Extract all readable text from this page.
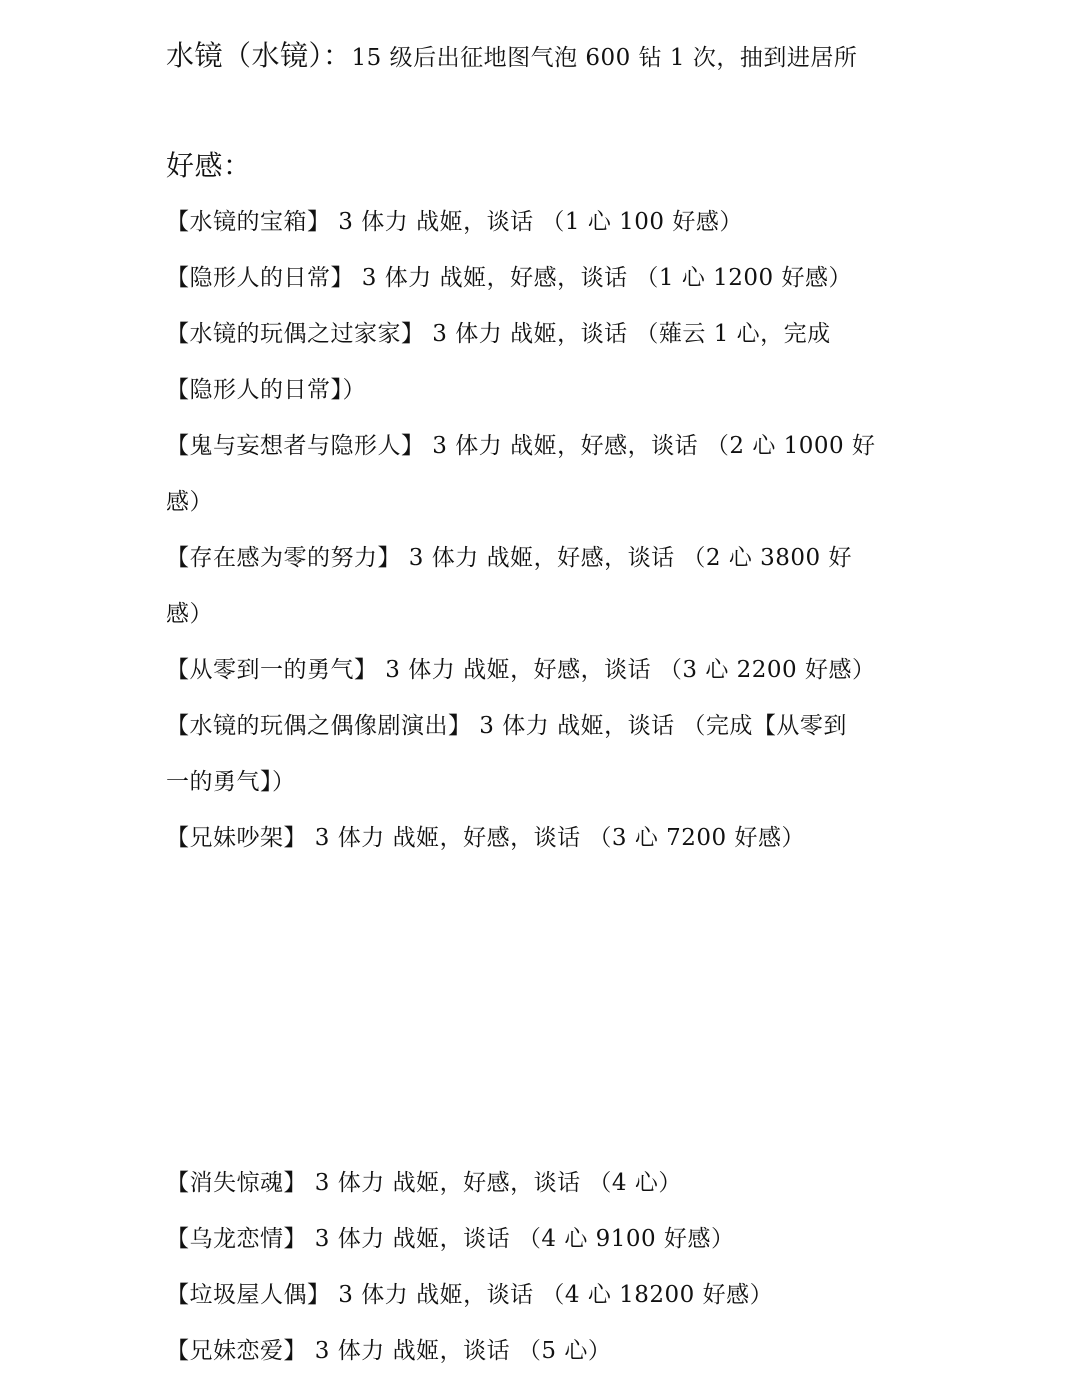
水镜（水镜）：15 级后出征地图气泡 600 钻 1 次，抽到进居所
好感：
【水镜的宝箱】 3 体力 战姬，谈话 （1 心 100 好感）
【隐形人的日常】 3 体力 战姬，好感，谈话 （1 心 1200 好感）
【水镜的玩偶之过家家】 3 体力 战姬，谈话 （薙云 1 心，完成
【隐形人的日常】）
【鬼与妄想者与隐形人】 3 体力 战姬，好感，谈话 （2 心 1000 好
感）
【存在感为零的努力】 3 体力 战姬，好感，谈话 （2 心 3800 好
感）
【从零到一的勇气】 3 体力 战姬，好感，谈话 （3 心 2200 好感）
【水镜的玩偶之偶像剧演出】 3 体力 战姬，谈话 （完成【从零到
一的勇气】）
【兄妹吵架】 3 体力 战姬，好感，谈话 （3 心 7200 好感）
【消失惊魂】 3 体力 战姬，好感，谈话 （4 心）
【乌龙恋情】 3 体力 战姬，谈话 （4 心 9100 好感）
【垃圾屋人偶】 3 体力 战姬，谈话 （4 心 18200 好感）
【兄妹恋爱】 3 体力 战姬，谈话 （5 心）
